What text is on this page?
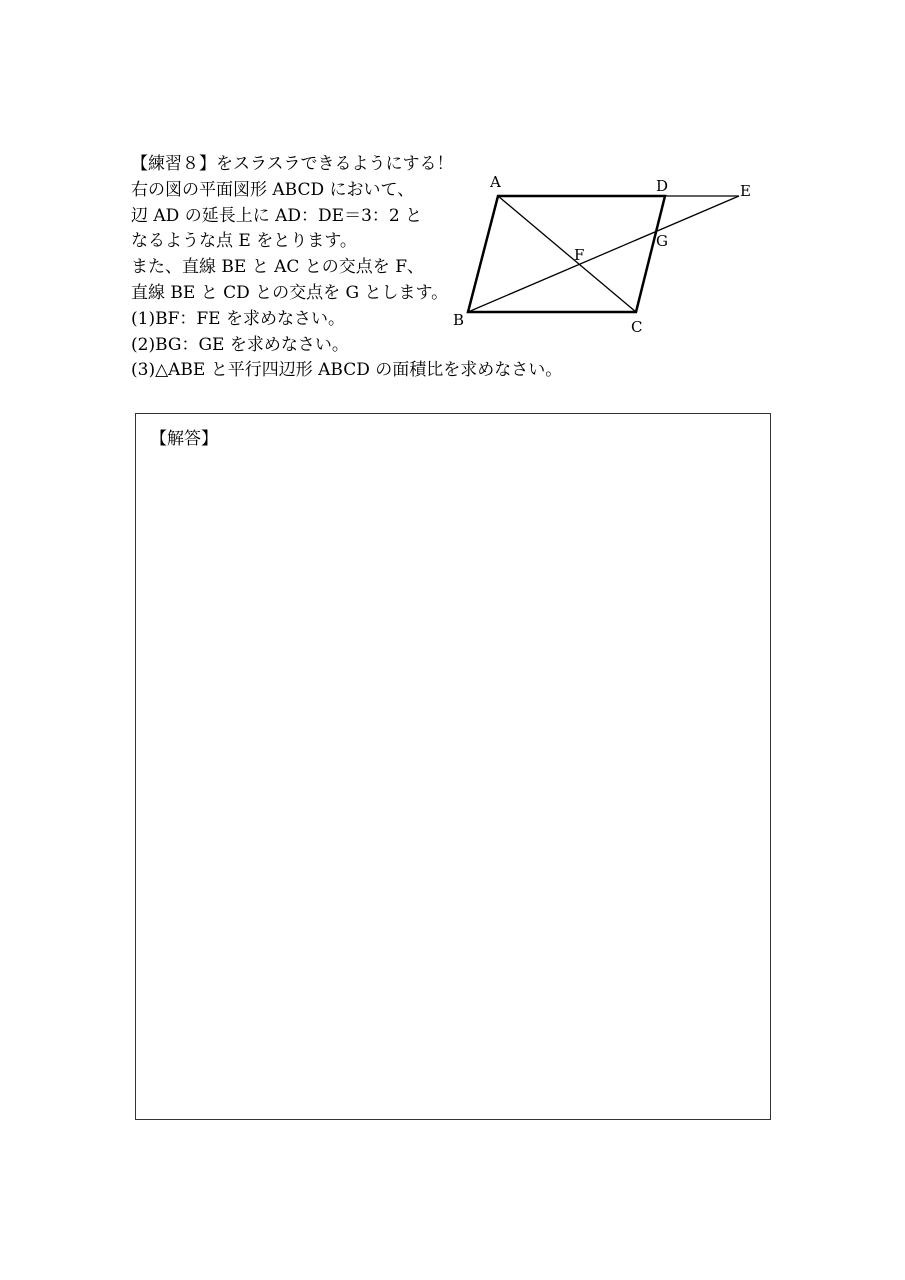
【練習８】をスラスラできるようにする！
右の図の平面図形 ABCD において、
辺 AD の延長上に AD：DE＝3：2 と
なるような点 E をとります。
また、直線 BE と AC との交点を F、
直線 BE と CD との交点を G とします。
(1)BF：FE を求めなさい。
(2)BG：GE を求めなさい。
(3)△ABE と平行四辺形 ABCD の面積比を求めなさい。
A	D	E
F
G
B	C
【解答】
